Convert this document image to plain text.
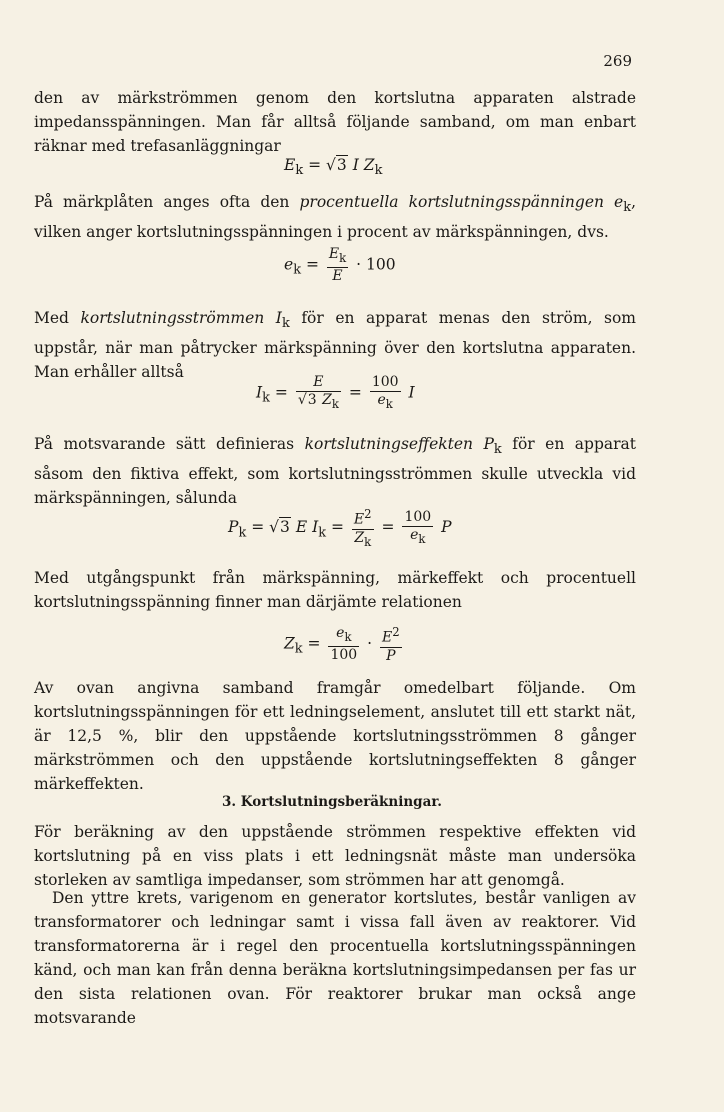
269
den av märkströmmen genom den kortslutna apparaten alstrade impedansspänningen. Man får alltså följande samband, om man enbart räknar med trefasanläggningar
$E_k = √3$ I $Z_k$
På märkplåten anges ofta den procentuella kortslutningsspänningen $e_k$, vilken anger kortslutningsspänningen i procent av märkspänningen, dvs.
$e_k = \frac{E_k}{E} \cdot 100$
Med kortslutningsströmmen $I_k$ för en apparat menas den ström, som uppstår, när man påtrycker märkspänning över den kortslutna apparaten. Man erhåller alltså
$I_k = \frac{E}{√3 Z_k} = \frac{100}{e_k}$ I
På motsvarande sätt definieras kortslutningseffekten $P_k$ för en apparat såsom den fiktiva effekt, som kortslutningsströmmen skulle utveckla vid märkspänningen, sålunda
$P_k = √3$ E $I_k = \frac{E^2}{Z_k} = \frac{100}{e_k}$ P
Med utgångspunkt från märkspänning, märkeffekt och procentuell kortslutningsspänning finner man därjämte relationen
$Z_k = \frac{e_k}{100} \cdot \frac{E^2}{P}$
Av ovan angivna samband framgår omedelbart följande. Om kortslutningsspänningen för ett ledningselement, anslutet till ett starkt nät, är 12,5 %, blir den uppstående kortslutningsströmmen 8 gånger märkströmmen och den uppstående kortslutningseffekten 8 gånger märkeffekten.
3. Kortslutningsberäkningar.
För beräkning av den uppstående strömmen respektive effekten vid kortslutning på en viss plats i ett ledningsnät måste man undersöka storleken av samtliga impedanser, som strömmen har att genomgå.
Den yttre krets, varigenom en generator kortslutes, består vanligen av transformatorer och ledningar samt i vissa fall även av reaktorer. Vid transformatorerna är i regel den procentuella kortslutningsspänningen känd, och man kan från denna beräkna kortslutningsimpedansen per fas ur den sista relationen ovan. För reaktorer brukar man också ange motsvarande
